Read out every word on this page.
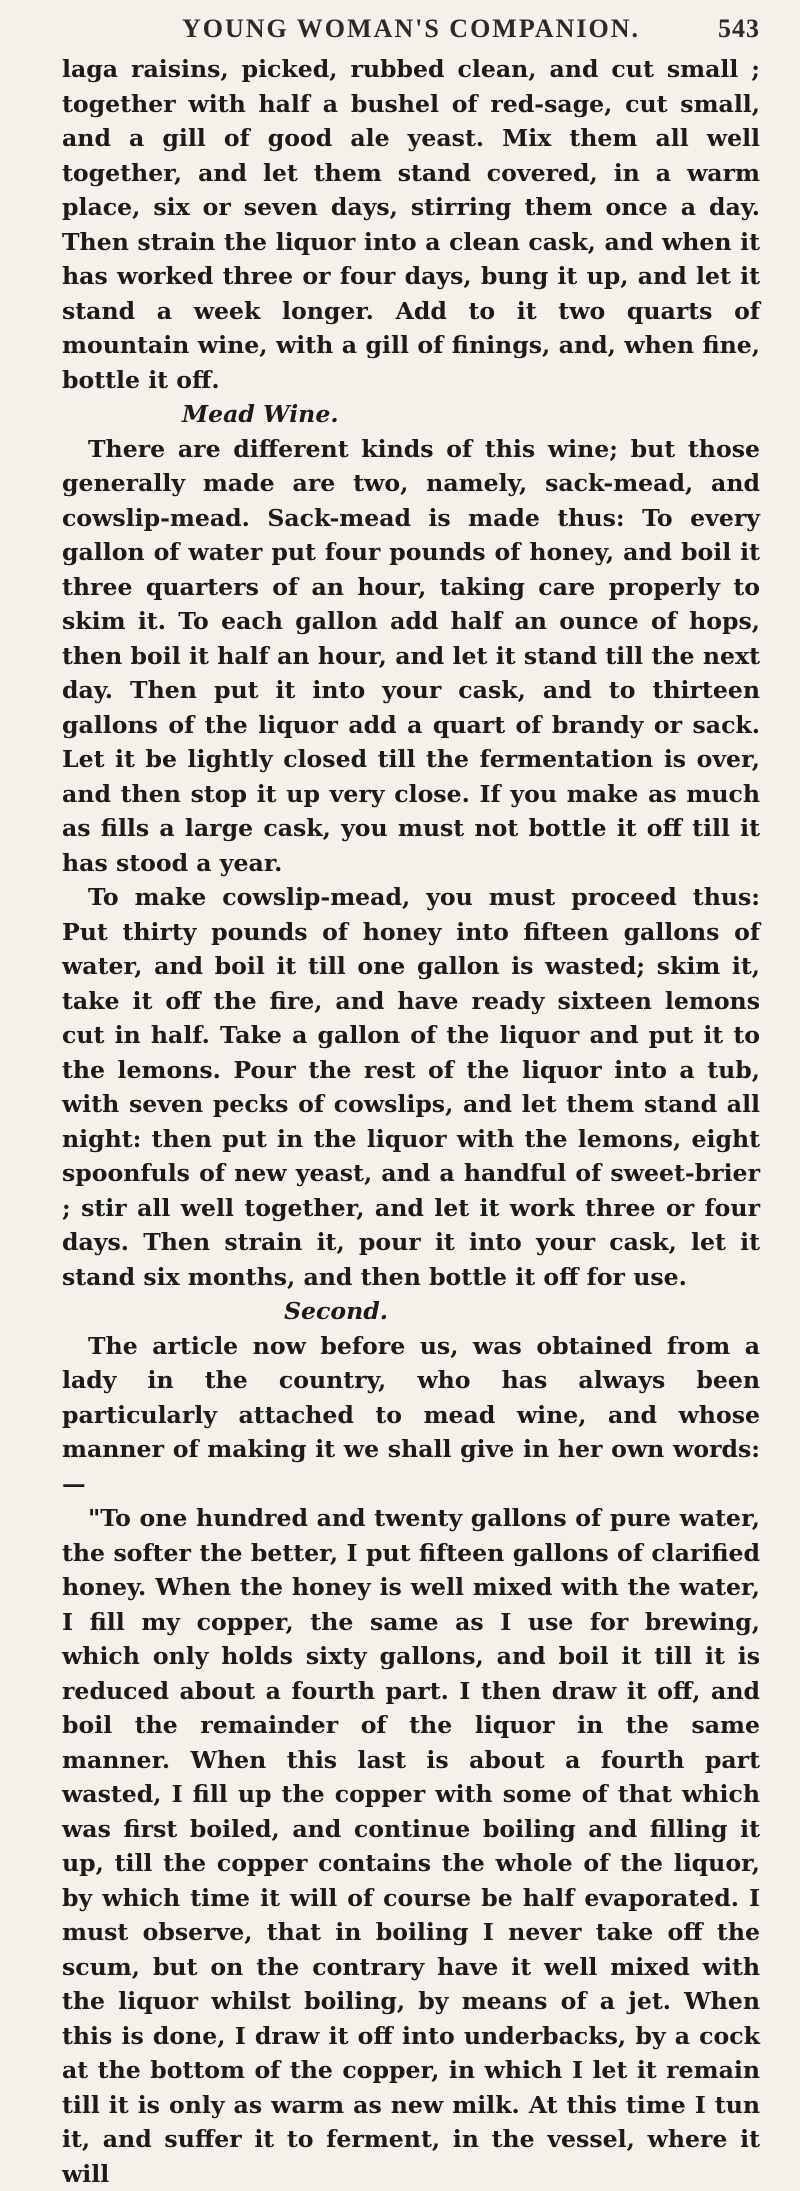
YOUNG WOMAN'S COMPANION.	543

laga raisins, picked, rubbed clean, and cut small ; together with half a bushel of red-sage, cut small, and a gill of good ale yeast. Mix them all well together, and let them stand covered, in a warm place, six or seven days, stirring them once a day. Then strain the liquor into a clean cask, and when it has worked three or four days, bung it up, and let it stand a week longer. Add to it two quarts of mountain wine, with a gill of finings, and, when fine, bottle it off.

Mead Wine.

There are different kinds of this wine; but those generally made are two, namely, sack-mead, and cowslip-mead. Sack-mead is made thus: To every gallon of water put four pounds of honey, and boil it three quarters of an hour, taking care properly to skim it. To each gallon add half an ounce of hops, then boil it half an hour, and let it stand till the next day. Then put it into your cask, and to thirteen gallons of the liquor add a quart of brandy or sack. Let it be lightly closed till the fermentation is over, and then stop it up very close. If you make as much as fills a large cask, you must not bottle it off till it has stood a year.

To make cowslip-mead, you must proceed thus: Put thirty pounds of honey into fifteen gallons of water, and boil it till one gallon is wasted; skim it, take it off the fire, and have ready sixteen lemons cut in half. Take a gallon of the liquor and put it to the lemons. Pour the rest of the liquor into a tub, with seven pecks of cowslips, and let them stand all night: then put in the liquor with the lemons, eight spoonfuls of new yeast, and a handful of sweet-brier ; stir all well together, and let it work three or four days. Then strain it, pour it into your cask, let it stand six months, and then bottle it off for use.

Second.

The article now before us, was obtained from a lady in the country, who has always been particularly attached to mead wine, and whose manner of making it we shall give in her own words:—

"To one hundred and twenty gallons of pure water, the softer the better, I put fifteen gallons of clarified honey. When the honey is well mixed with the water, I fill my copper, the same as I use for brewing, which only holds sixty gallons, and boil it till it is reduced about a fourth part. I then draw it off, and boil the remainder of the liquor in the same manner. When this last is about a fourth part wasted, I fill up the copper with some of that which was first boiled, and continue boiling and filling it up, till the copper contains the whole of the liquor, by which time it will of course be half evaporated. I must observe, that in boiling I never take off the scum, but on the contrary have it well mixed with the liquor whilst boiling, by means of a jet. When this is done, I draw it off into underbacks, by a cock at the bottom of the copper, in which I let it remain till it is only as warm as new milk. At this time I tun it, and suffer it to ferment, in the vessel, where it will
